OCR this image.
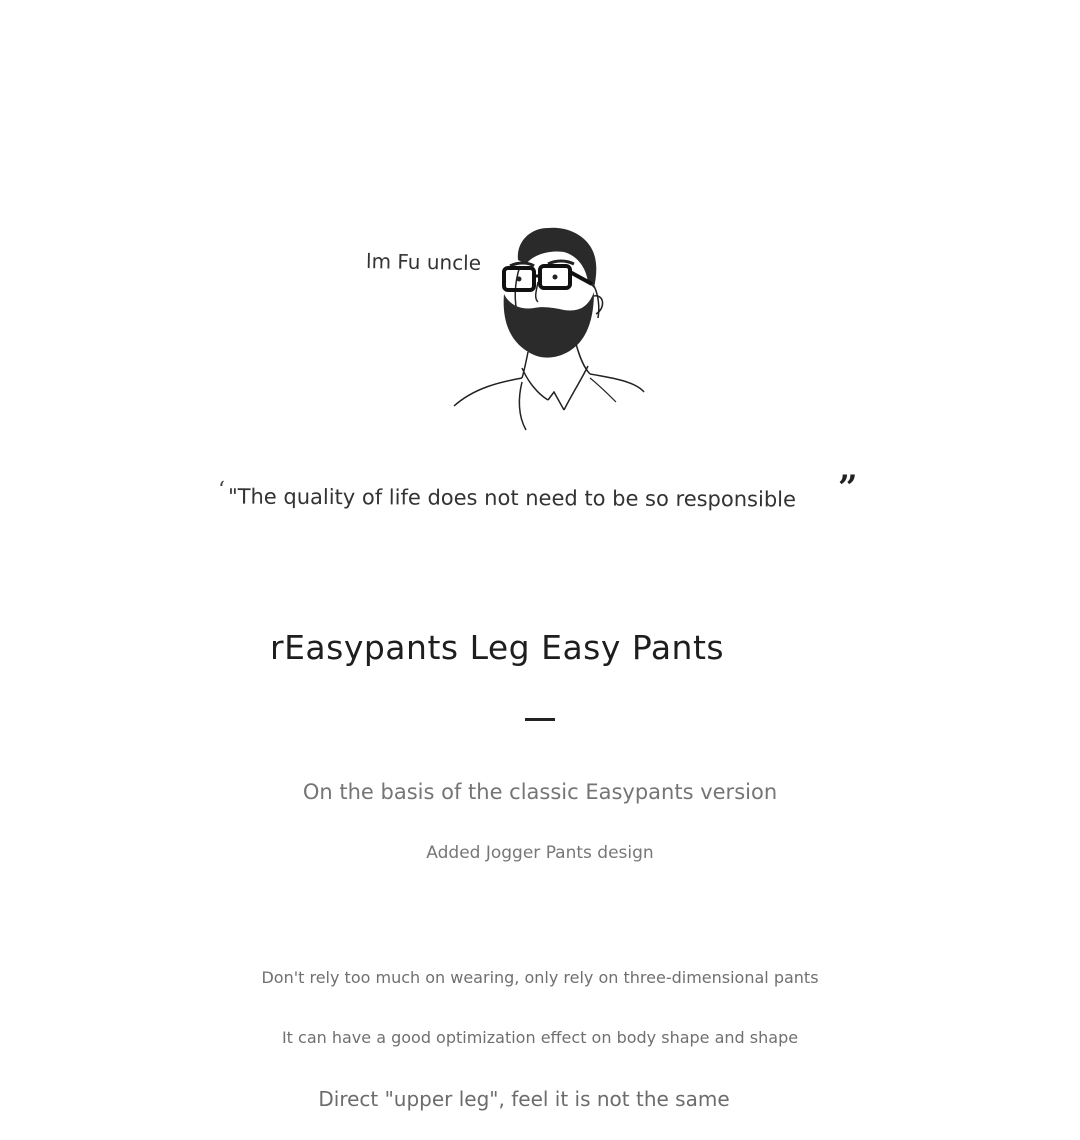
lm Fu uncle
‘ "The quality of life does not need to be so responsible ”
rEasypants Leg Easy Pants
On the basis of the classic Easypants version
Added Jogger Pants design
Don't rely too much on wearing, only rely on three-dimensional pants
It can have a good optimization effect on body shape and shape
Direct "upper leg", feel it is not the same
